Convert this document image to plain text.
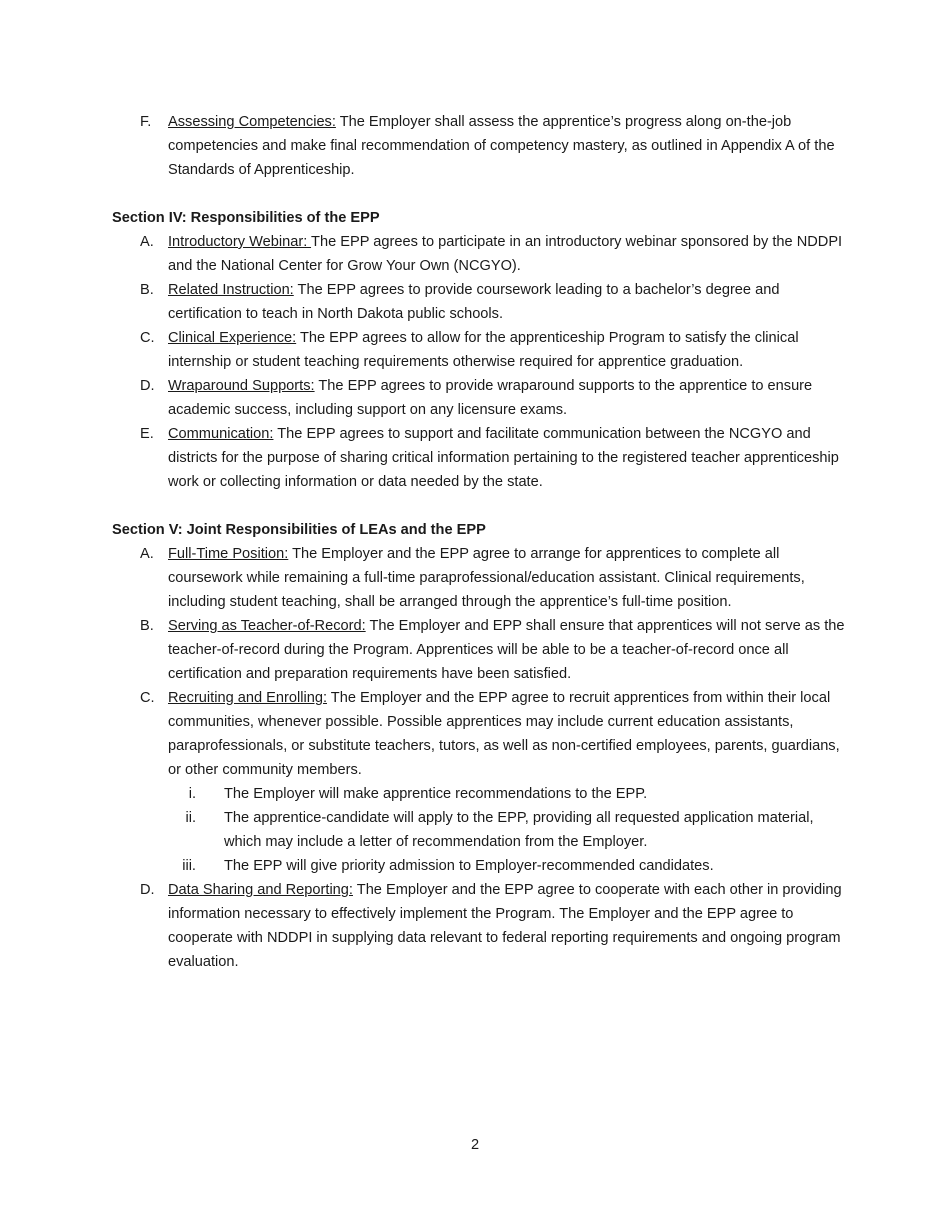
F. Assessing Competencies: The Employer shall assess the apprentice’s progress along on-the-job competencies and make final recommendation of competency mastery, as outlined in Appendix A of the Standards of Apprenticeship.
Section IV: Responsibilities of the EPP
A. Introductory Webinar: The EPP agrees to participate in an introductory webinar sponsored by the NDDPI and the National Center for Grow Your Own (NCGYO).
B. Related Instruction: The EPP agrees to provide coursework leading to a bachelor’s degree and certification to teach in North Dakota public schools.
C. Clinical Experience: The EPP agrees to allow for the apprenticeship Program to satisfy the clinical internship or student teaching requirements otherwise required for apprentice graduation.
D. Wraparound Supports: The EPP agrees to provide wraparound supports to the apprentice to ensure academic success, including support on any licensure exams.
E. Communication: The EPP agrees to support and facilitate communication between the NCGYO and districts for the purpose of sharing critical information pertaining to the registered teacher apprenticeship work or collecting information or data needed by the state.
Section V: Joint Responsibilities of LEAs and the EPP
A. Full-Time Position: The Employer and the EPP agree to arrange for apprentices to complete all coursework while remaining a full-time paraprofessional/education assistant. Clinical requirements, including student teaching, shall be arranged through the apprentice’s full-time position.
B. Serving as Teacher-of-Record: The Employer and EPP shall ensure that apprentices will not serve as the teacher-of-record during the Program. Apprentices will be able to be a teacher-of-record once all certification and preparation requirements have been satisfied.
C. Recruiting and Enrolling: The Employer and the EPP agree to recruit apprentices from within their local communities, whenever possible. Possible apprentices may include current education assistants, paraprofessionals, or substitute teachers, tutors, as well as non-certified employees, parents, guardians, or other community members.
i. The Employer will make apprentice recommendations to the EPP.
ii. The apprentice-candidate will apply to the EPP, providing all requested application material, which may include a letter of recommendation from the Employer.
iii. The EPP will give priority admission to Employer-recommended candidates.
D. Data Sharing and Reporting: The Employer and the EPP agree to cooperate with each other in providing information necessary to effectively implement the Program. The Employer and the EPP agree to cooperate with NDDPI in supplying data relevant to federal reporting requirements and ongoing program evaluation.
2
